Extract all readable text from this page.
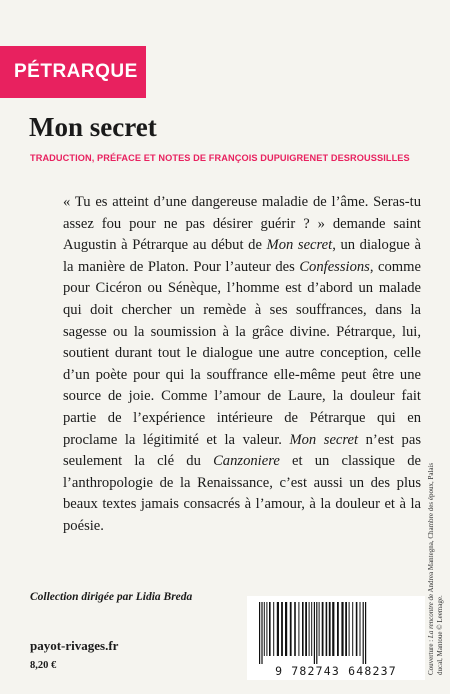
PÉTRARQUE
Mon secret
TRADUCTION, PRÉFACE ET NOTES DE FRANÇOIS DUPUIGRENET DESROUSSILLES

« Tu es atteint d’une dangereuse maladie de l’âme. Seras-tu assez fou pour ne pas désirer guérir ? » demande saint Augustin à Pétrarque au début de Mon secret, un dialogue à la manière de Platon. Pour l’auteur des Confessions, comme pour Cicéron ou Sénèque, l’homme est d’abord un malade qui doit chercher un remède à ses souffrances, dans la sagesse ou la soumission à la grâce divine. Pétrarque, lui, soutient durant tout le dialogue une autre conception, celle d’un poète pour qui la souffrance elle-même peut être une source de joie. Comme l’amour de Laure, la douleur fait partie de l’expérience intérieure de Pétrarque qui en proclame la légitimité et la valeur. Mon secret n’est pas seulement la clé du Canzoniere et un classique de l’anthropologie de la Renaissance, c’est aussi un des plus beaux textes jamais consacrés à l’amour, à la douleur et à la poésie.

Collection dirigée par Lidia Breda
payot-rivages.fr
8,20 €	9 782743 648237	Couverture : La rencontre de Andrea Mantegna, Chambre des époux, Palais ducal, Mantoue © Leemage.
